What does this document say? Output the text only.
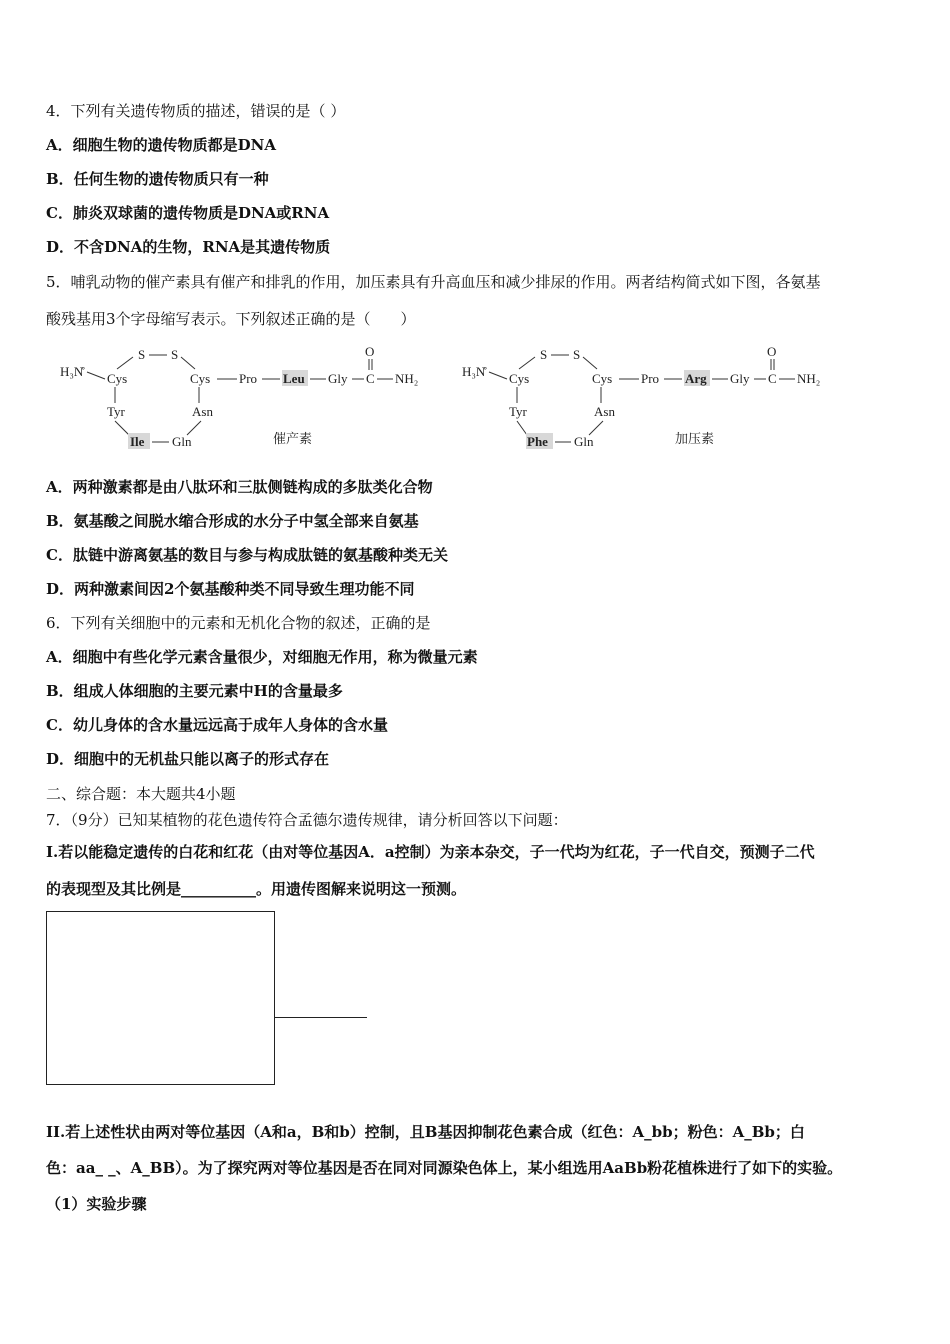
4．下列有关遗传物质的描述，错误的是（ ）
A．细胞生物的遗传物质都是DNA
B．任何生物的遗传物质只有一种
C．肺炎双球菌的遗传物质是DNA或RNA
D．不含DNA的生物，RNA是其遗传物质
5．哺乳动物的催产素具有催产和排乳的作用，加压素具有升高血压和减少排尿的作用。两者结构简式如下图，各氨基
酸残基用3个字母缩写表示。下列叙述正确的是（　　）
H₃N̊ Cys
S S
Cys Pro Leu Gly C
O
NH₂
Tyr
Ile Gln
Asn
催产素
H₃N̊ Cys
S S
Cys Pro Arg Gly C
O
NH₂
Tyr
Phe Gln
Asn
加压素
A．两种激素都是由八肽环和三肽侧链构成的多肽类化合物
B．氨基酸之间脱水缩合形成的水分子中氢全部来自氨基
C．肽链中游离氨基的数目与参与构成肽链的氨基酸种类无关
D．两种激素间因2个氨基酸种类不同导致生理功能不同
6．下列有关细胞中的元素和无机化合物的叙述，正确的是
A．细胞中有些化学元素含量很少，对细胞无作用，称为微量元素
B．组成人体细胞的主要元素中H的含量最多
C．幼儿身体的含水量远远高于成年人身体的含水量
D．细胞中的无机盐只能以离子的形式存在
二、综合题：本大题共4小题
7．（9分）已知某植物的花色遗传符合孟德尔遗传规律，请分析回答以下问题：
I.若以能稳定遗传的白花和红花（由对等位基因A．a控制）为亲本杂交，子一代均为红花，子一代自交，预测子二代
的表现型及其比例是__________。用遗传图解来说明这一预测。
II.若上述性状由两对等位基因（A和a，B和b）控制，且B基因抑制花色素合成（红色：A_bb；粉色：A_Bb；白
色：aa_ _、A_BB）。为了探究两对等位基因是否在同对同源染色体上，某小组选用AaBb粉花植株进行了如下的实验。
（1）实验步骤
